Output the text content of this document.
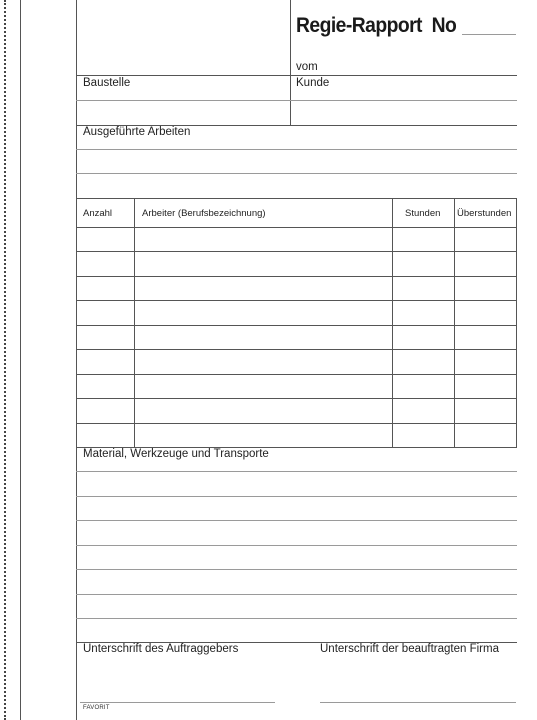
Regie-Rapport No
vom
Baustelle	Kunde
Ausgeführte Arbeiten
Anzahl	Arbeiter (Berufsbezeichnung)	Stunden Überstunden
Material, Werkzeuge und Transporte
Unterschrift des Auftraggebers	Unterschrift der beauftragten Firma
FAVORIT
